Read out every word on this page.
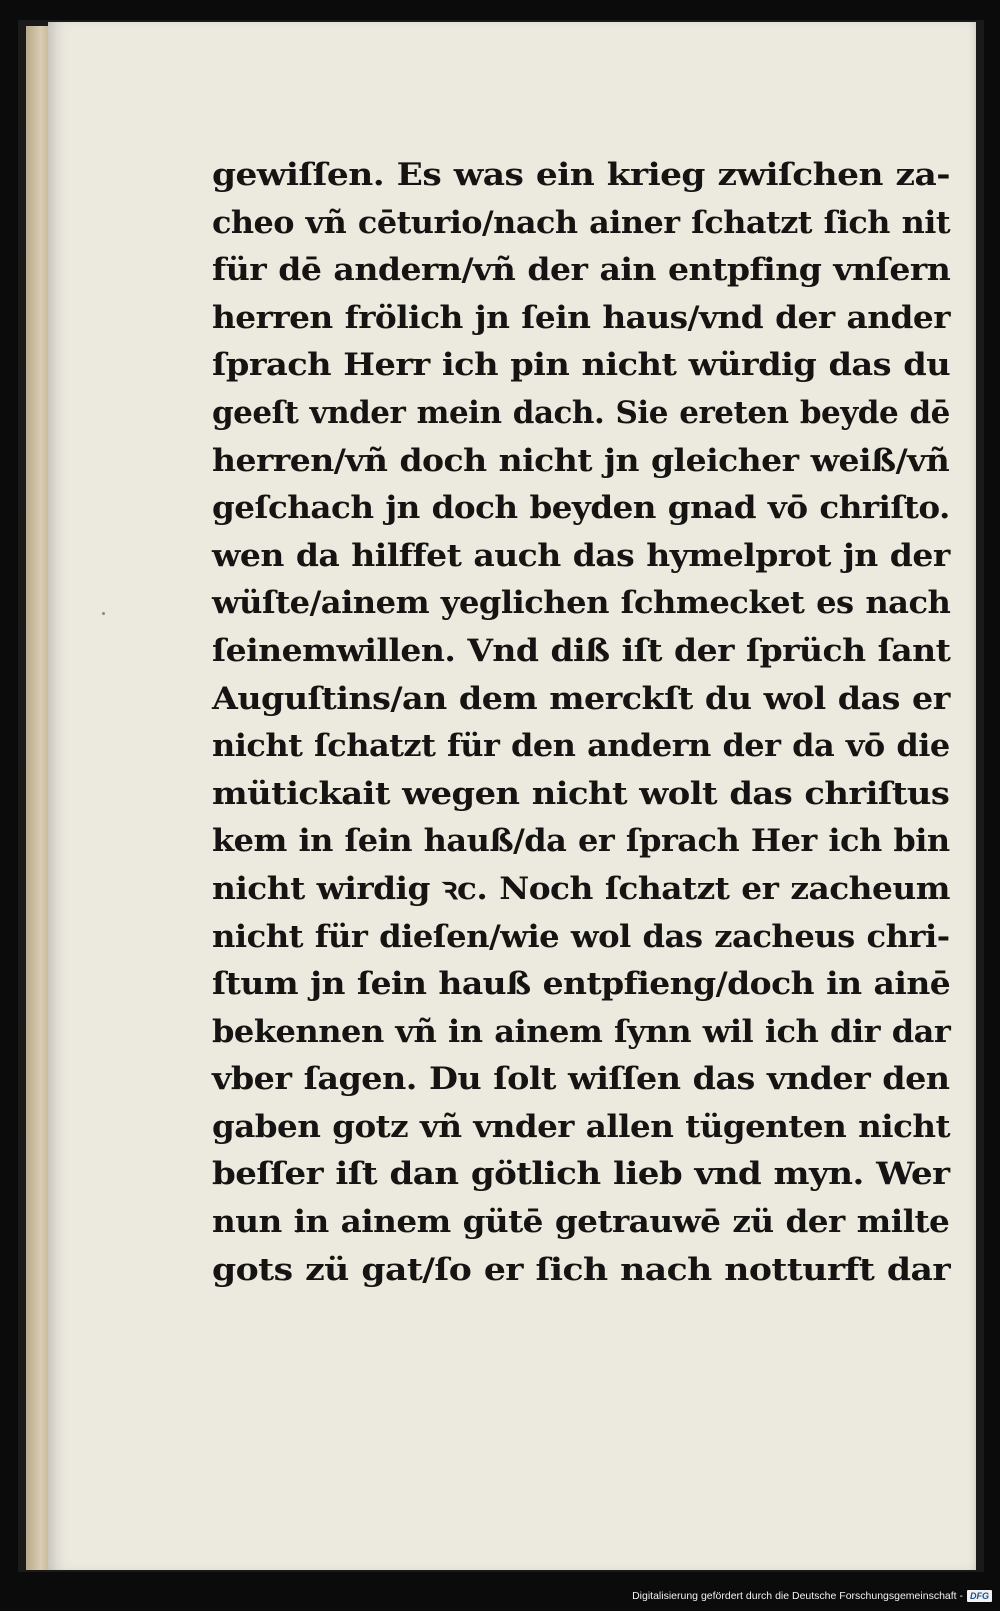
gewiſſen. Es was ein krieg zwiſchen za-
cheo vñ cēturio/nach ainer ſchatzt ſich nit
für dē andern/vñ der ain entpfing vnſern
herren frölich jn ſein haus/vnd der ander
ſprach Herr ich pin nicht würdig das du
geeſt vnder mein dach. Sie ereten beyde dē
herren/vñ doch nicht jn gleicher weiß/vñ
geſchach jn doch beyden gnad vō chriſto.
wen da hilffet auch das hymelprot jn der
wüſte/ainem yeglichen ſchmecket es nach
ſeinemwillen. Vnd diß iſt der ſprüch ſant
Auguſtins/an dem merckſt du wol das er
nicht ſchatzt für den andern der da vō die
mütickait wegen nicht wolt das chriſtus
kem in ſein hauß/da er ſprach Her ich bin
nicht wirdig ꝛc. Noch ſchatzt er zacheum
nicht für dieſen/wie wol das zacheus chri-
ſtum jn ſein hauß entpfieng/doch in ainē
bekennen vñ in ainem ſynn wil ich dir dar
vber ſagen. Du ſolt wiſſen das vnder den
gaben gotz vñ vnder allen tügenten nicht
beſſer iſt dan götlich lieb vnd myn. Wer
nun in ainem gütē getrauwē zü der milte
gots zü gat/ſo er ſich nach notturft dar
Digitalisierung gefördert durch die Deutsche Forschungsgemeinschaft - DFG
